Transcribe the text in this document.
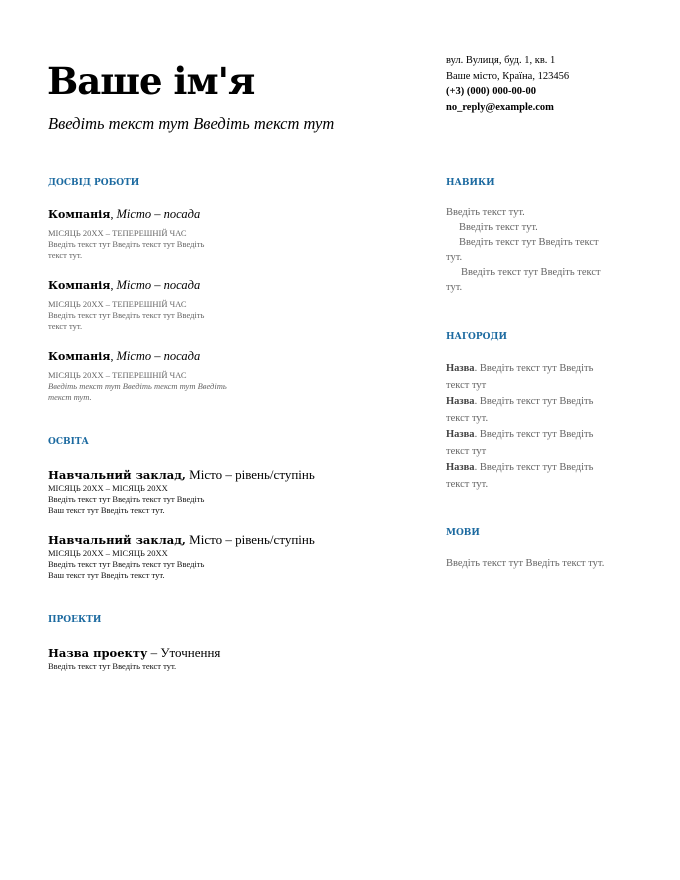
Ваше ім'я
Введіть текст тут Введіть текст тут
вул. Вулиця, буд. 1, кв. 1
Ваше місто, Країна, 123456
(+3) (000) 000-00-00
no_reply@example.com
ДОСВІД РОБОТИ
Компанія, Місто – посада
МІСЯЦЬ 20XX – ТЕПЕРЕШНІЙ ЧАС
Введіть текст тут Введіть текст тут Введіть
текст тут.
Компанія, Місто – посада
МІСЯЦЬ 20XX – ТЕПЕРЕШНІЙ ЧАС
Введіть текст тут Введіть текст тут Введіть
текст тут.
Компанія, Місто – посада
МІСЯЦЬ 20XX – ТЕПЕРЕШНІЙ ЧАС
Введіть текст тут Введіть текст тут Введіть
текст тут.
ОСВІТА
Навчальний заклад, Місто – рівень/ступінь
МІСЯЦЬ 20XX – МІСЯЦЬ 20XX
Введіть текст тут Введіть текст тут Введіть
Ваш текст тут Введіть текст тут.
Навчальний заклад, Місто – рівень/ступінь
МІСЯЦЬ 20XX – МІСЯЦЬ 20XX
Введіть текст тут Введіть текст тут Введіть
Ваш текст тут Введіть текст тут.
ПРОЕКТИ
Назва проекту – Уточнення
Введіть текст тут Введіть текст тут.
НАВИКИ
Введіть текст тут.
Введіть текст тут.
Введіть текст тут Введіть текст
тут.
Введіть текст тут Введіть текст
тут.
НАГОРОДИ
Назва. Введіть текст тут Введіть
текст тут
Назва. Введіть текст тут Введіть
текст тут.
Назва. Введіть текст тут Введіть
текст тут
Назва. Введіть текст тут Введіть
текст тут.
МОВИ
Введіть текст тут Введіть текст тут.
